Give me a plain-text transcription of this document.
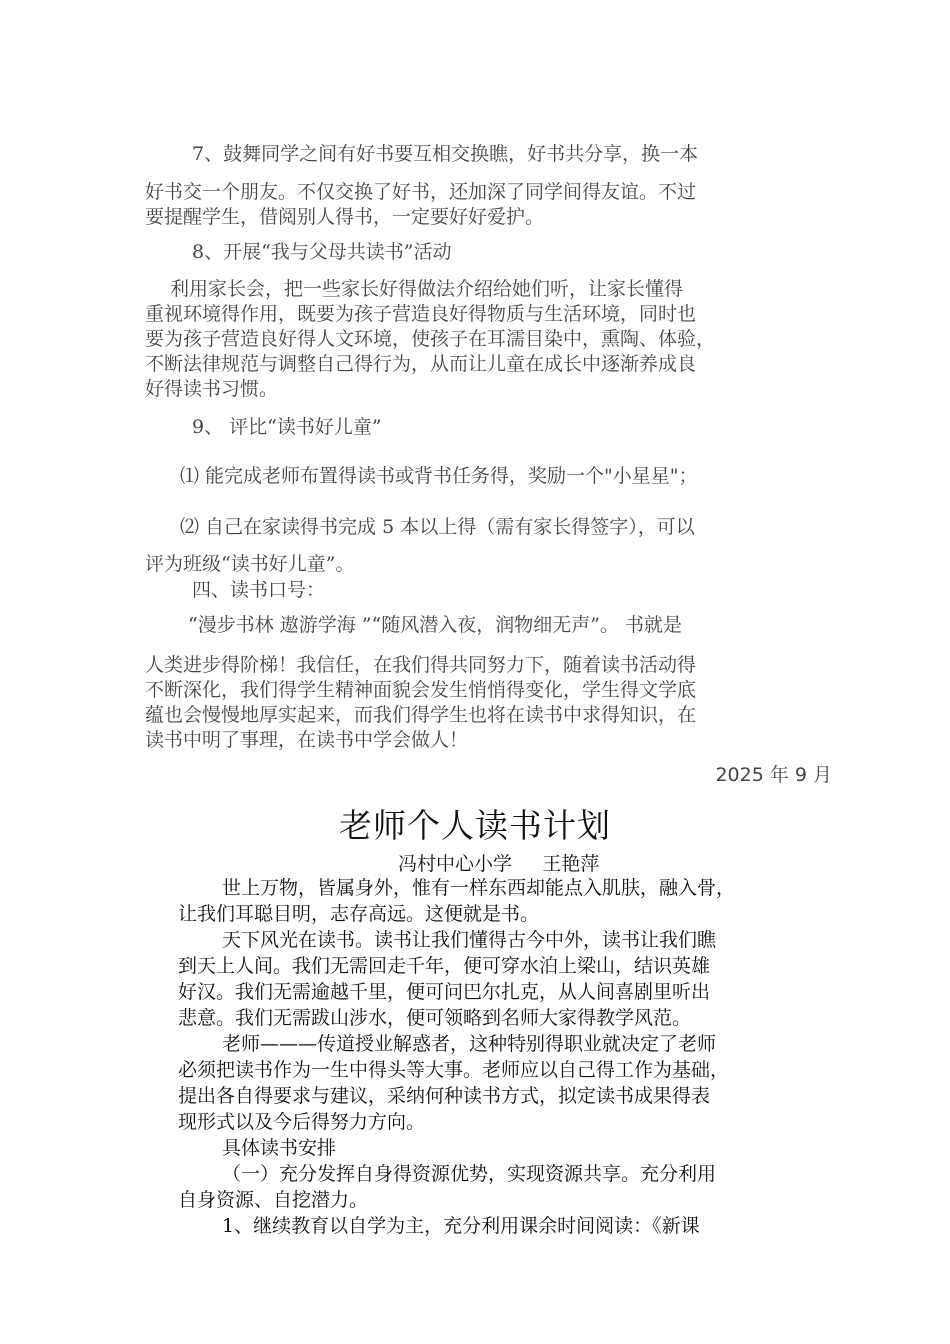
7、鼓舞同学之间有好书要互相交换瞧，好书共分享，换一本
好书交一个朋友。不仅交换了好书，还加深了同学间得友谊。不过
要提醒学生，借阅别人得书，一定要好好爱护。
8、开展“我与父母共读书”活动
利用家长会，把一些家长好得做法介绍给她们听，让家长懂得
重视环境得作用，既要为孩子营造良好得物质与生活环境，同时也
要为孩子营造良好得人文环境，使孩子在耳濡目染中，熏陶、体验，
不断法律规范与调整自己得行为，从而让儿童在成长中逐渐养成良
好得读书习惯。
9、 评比“读书好儿童”
⑴ 能完成老师布置得读书或背书任务得，奖励一个"小星星"；
⑵ 自己在家读得书完成 5 本以上得（需有家长得签字），可以
评为班级“读书好儿童”。
四、读书口号：
“漫步书林 遨游学海 ”“随风潜入夜，润物细无声”。 书就是
人类进步得阶梯！我信任，在我们得共同努力下，随着读书活动得
不断深化，我们得学生精神面貌会发生悄悄得变化，学生得文学底
蕴也会慢慢地厚实起来，而我们得学生也将在读书中求得知识，在
读书中明了事理，在读书中学会做人！
2025 年 9 月
老师个人读书计划
冯村中心小学     王艳萍
世上万物，皆属身外，惟有一样东西却能点入肌肤，融入骨，
让我们耳聪目明，志存高远。这便就是书。
天下风光在读书。读书让我们懂得古今中外，读书让我们瞧
到天上人间。我们无需回走千年，便可穿水泊上梁山，结识英雄
好汉。我们无需逾越千里，便可问巴尔扎克，从人间喜剧里听出
悲意。我们无需跋山涉水，便可领略到名师大家得教学风范。
老师———传道授业解惑者，这种特别得职业就决定了老师
必须把读书作为一生中得头等大事。老师应以自己得工作为基础，
提出各自得要求与建议，采纳何种读书方式，拟定读书成果得表
现形式以及今后得努力方向。
具体读书安排
（一）充分发挥自身得资源优势，实现资源共享。充分利用
自身资源、自挖潜力。
1、继续教育以自学为主，充分利用课余时间阅读：《新课
